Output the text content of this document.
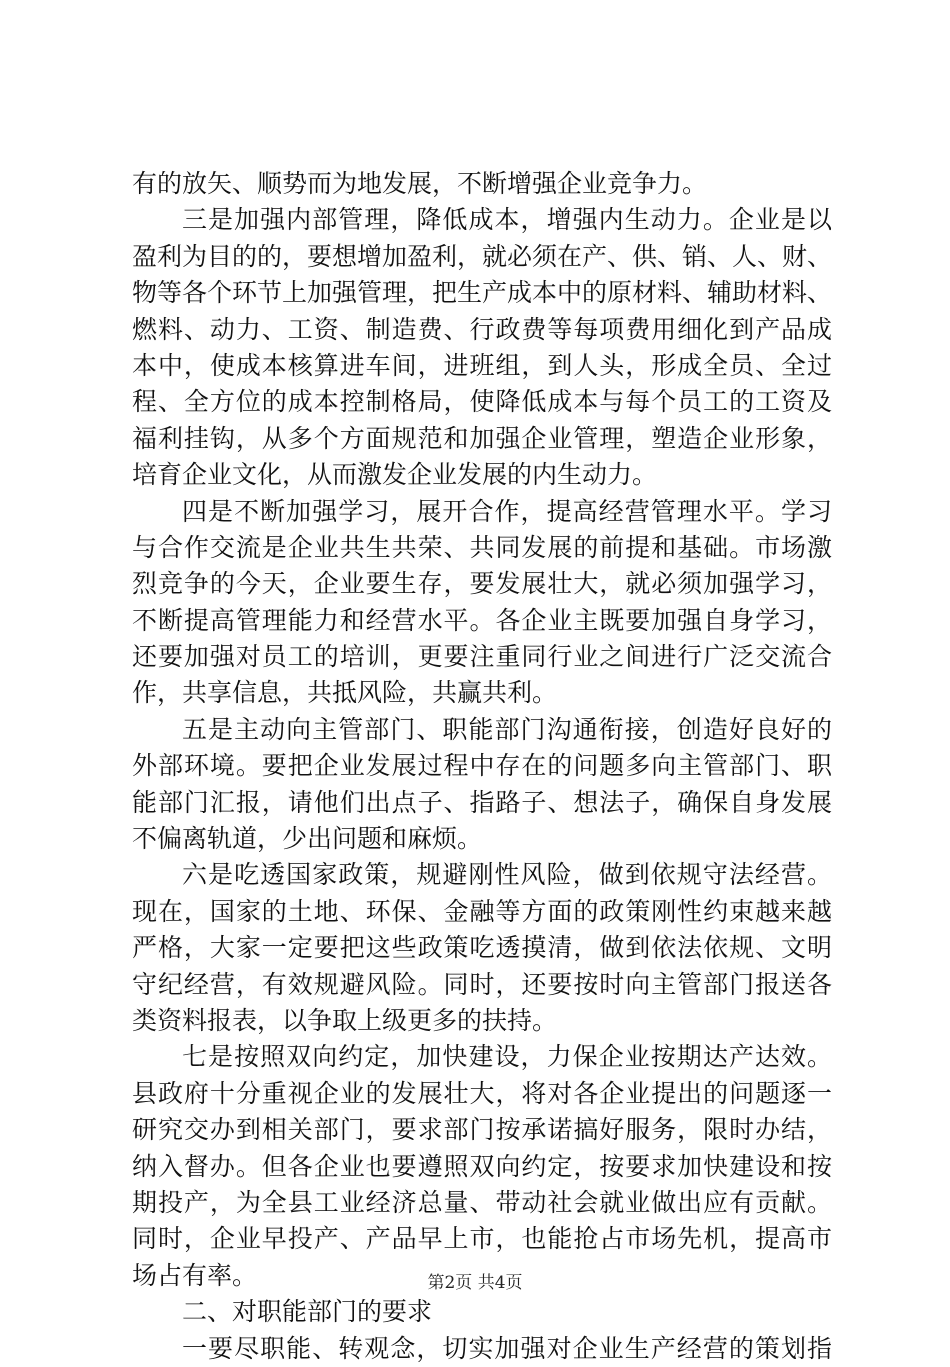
有的放矢、顺势而为地发展，不断增强企业竞争力。
三是加强内部管理，降低成本，增强内生动力。企业是以
盈利为目的的，要想增加盈利，就必须在产、供、销、人、财、
物等各个环节上加强管理，把生产成本中的原材料、辅助材料、
燃料、动力、工资、制造费、行政费等每项费用细化到产品成
本中，使成本核算进车间，进班组，到人头，形成全员、全过
程、全方位的成本控制格局，使降低成本与每个员工的工资及
福利挂钩，从多个方面规范和加强企业管理，塑造企业形象，
培育企业文化，从而激发企业发展的内生动力。
四是不断加强学习，展开合作，提高经营管理水平。学习
与合作交流是企业共生共荣、共同发展的前提和基础。市场激
烈竞争的今天，企业要生存，要发展壮大，就必须加强学习，
不断提高管理能力和经营水平。各企业主既要加强自身学习，
还要加强对员工的培训，更要注重同行业之间进行广泛交流合
作，共享信息，共抵风险，共赢共利。
五是主动向主管部门、职能部门沟通衔接，创造好良好的
外部环境。要把企业发展过程中存在的问题多向主管部门、职
能部门汇报，请他们出点子、指路子、想法子，确保自身发展
不偏离轨道，少出问题和麻烦。
六是吃透国家政策，规避刚性风险，做到依规守法经营。
现在，国家的土地、环保、金融等方面的政策刚性约束越来越
严格，大家一定要把这些政策吃透摸清，做到依法依规、文明
守纪经营，有效规避风险。同时，还要按时向主管部门报送各
类资料报表，以争取上级更多的扶持。
七是按照双向约定，加快建设，力保企业按期达产达效。
县政府十分重视企业的发展壮大，将对各企业提出的问题逐一
研究交办到相关部门，要求部门按承诺搞好服务，限时办结，
纳入督办。但各企业也要遵照双向约定，按要求加快建设和按
期投产，为全县工业经济总量、带动社会就业做出应有贡献。
同时，企业早投产、产品早上市，也能抢占市场先机，提高市
场占有率。
二、对职能部门的要求
一要尽职能、转观念，切实加强对企业生产经营的策划指
第2页 共4页
